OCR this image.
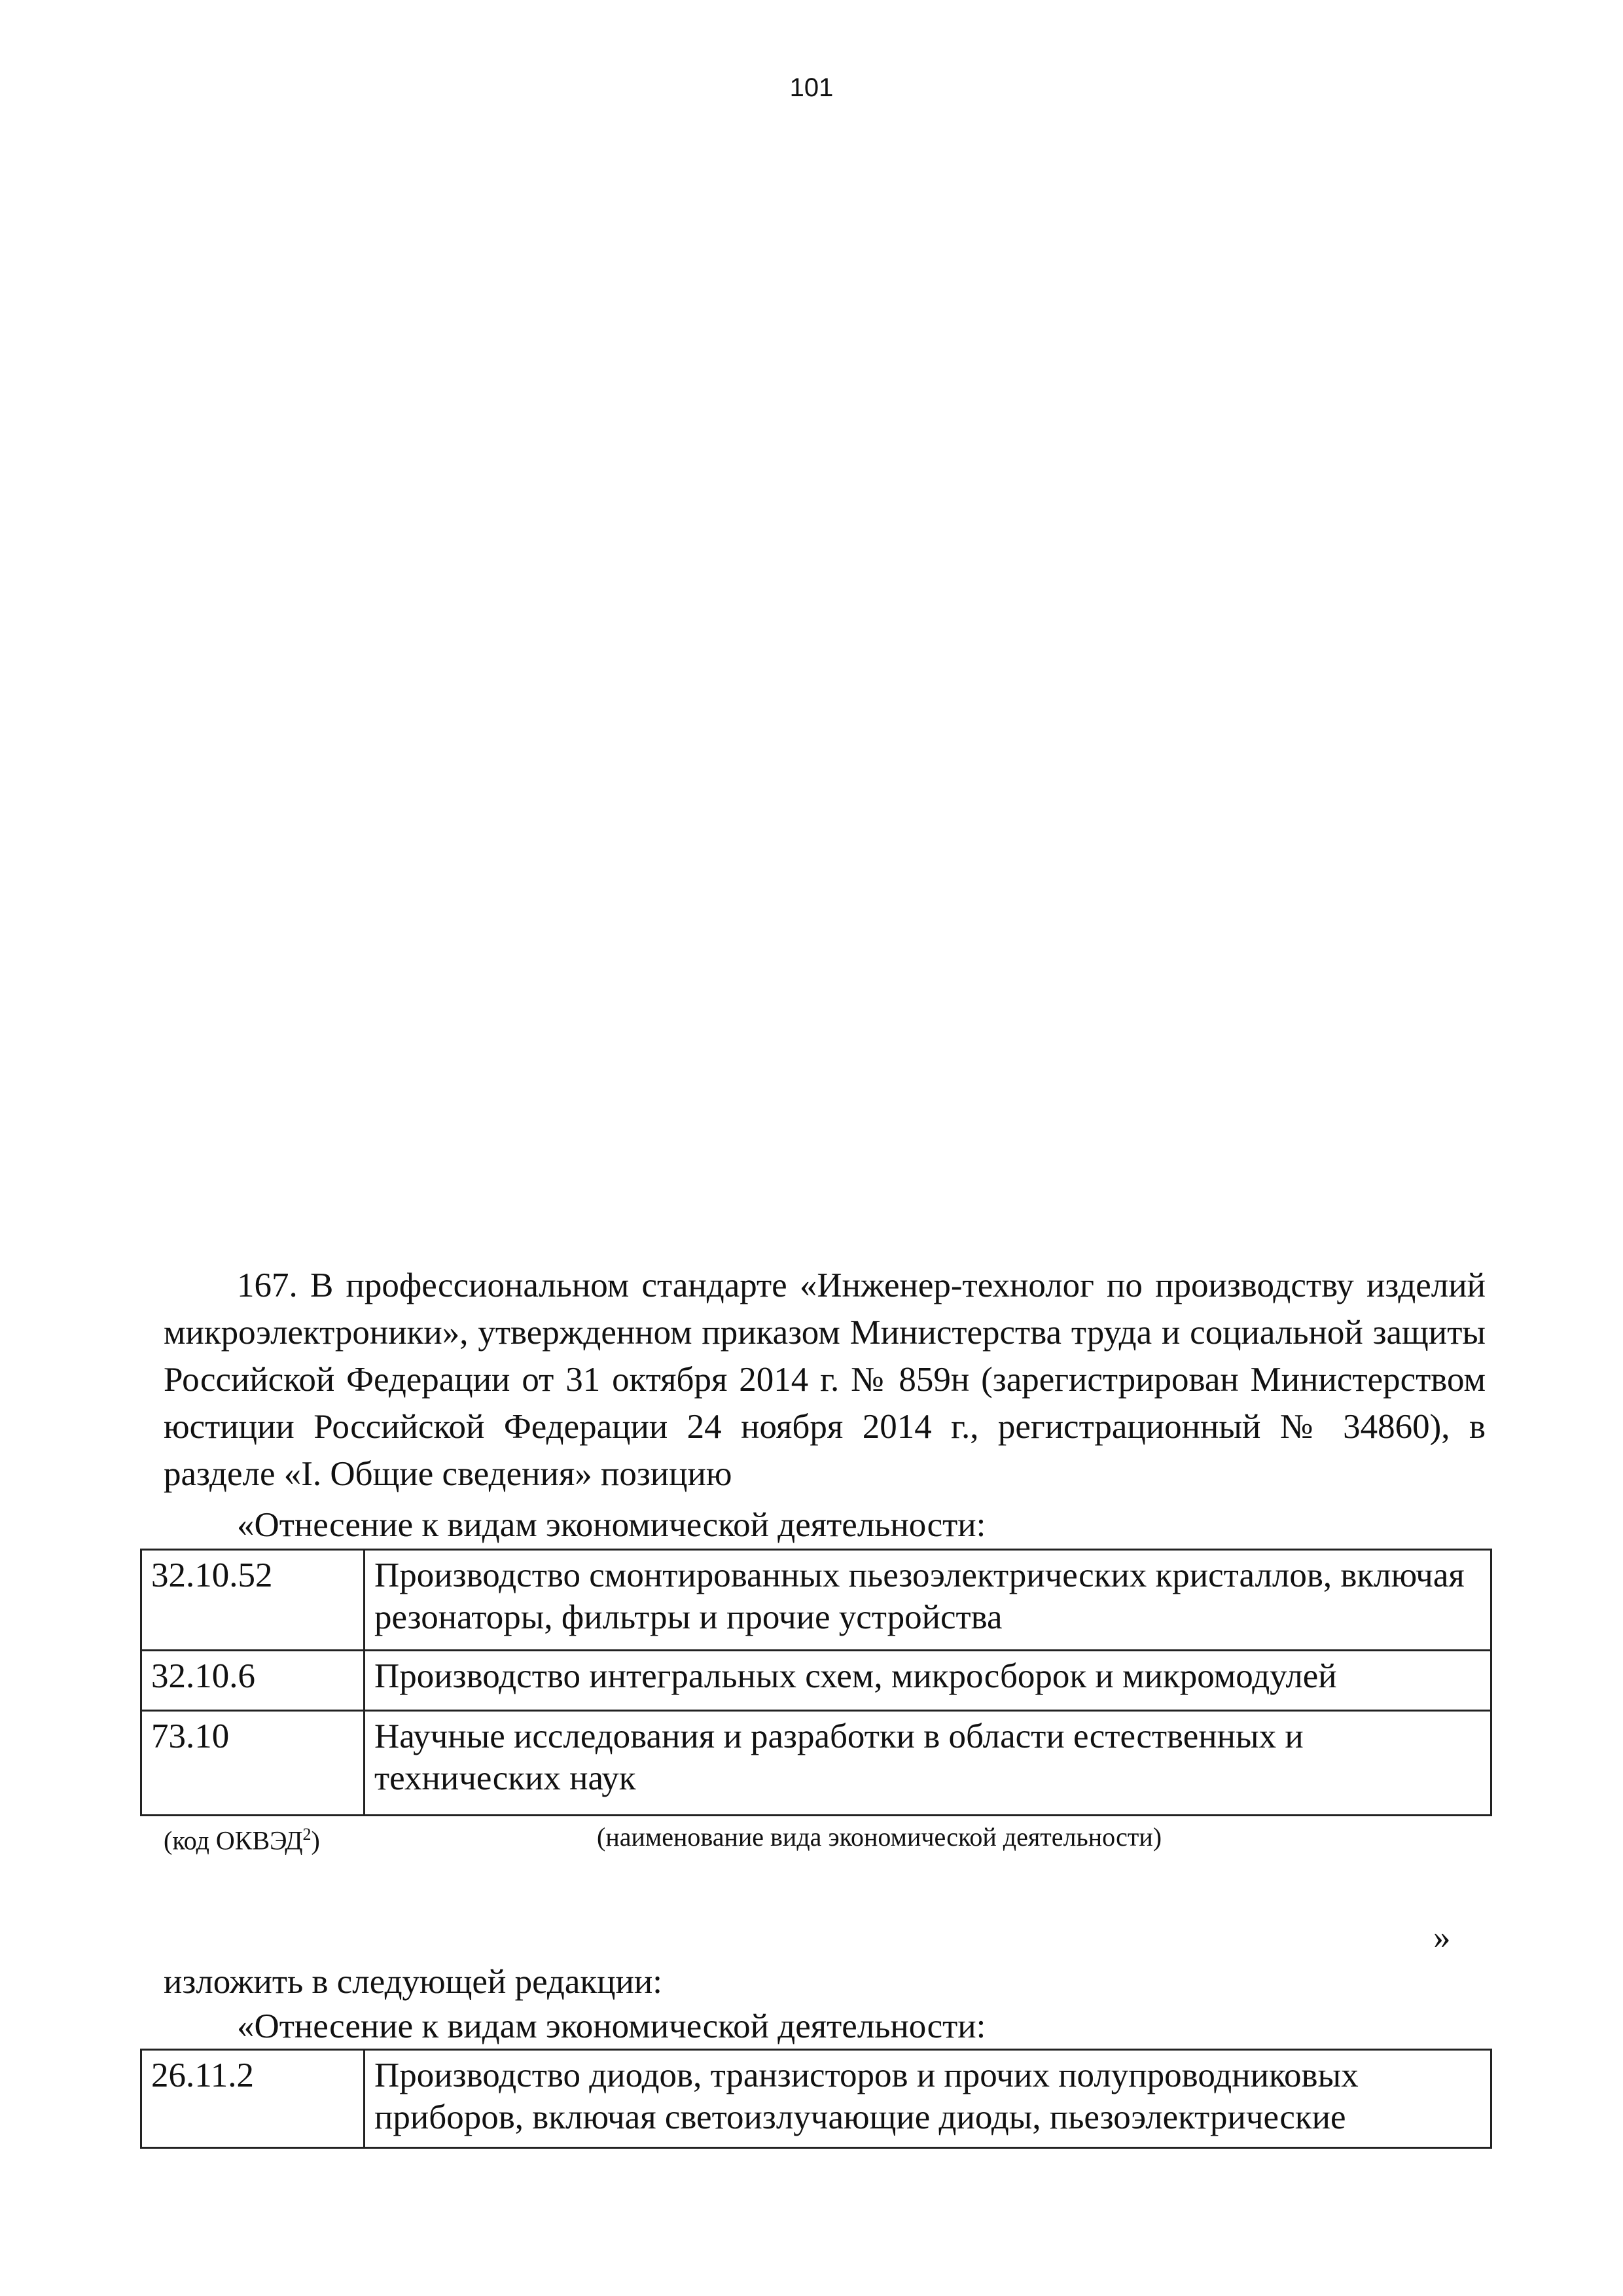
101

167. В профессиональном стандарте «Инженер-технолог по производству изделий микроэлектроники», утвержденном приказом Министерства труда и социальной защиты Российской Федерации от 31 октября 2014 г. № 859н (зарегистрирован Министерством юстиции Российской Федерации 24 ноября 2014 г., регистрационный № 34860), в разделе «I. Общие сведения» позицию

«Отнесение к видам экономической деятельности:
32.10.52	Производство смонтированных пьезоэлектрических кристаллов, включая резонаторы, фильтры и прочие устройства
32.10.6	Производство интегральных схем, микросборок и микромодулей
73.10	Научные исследования и разработки в области естественных и технических наук
(код ОКВЭД$^2$)	(наименование вида экономической деятельности)
»
изложить в следующей редакции:
«Отнесение к видам экономической деятельности:
26.11.2	Производство диодов, транзисторов и прочих полупроводниковых приборов, включая светоизлучающие диоды, пьезоэлектрические
